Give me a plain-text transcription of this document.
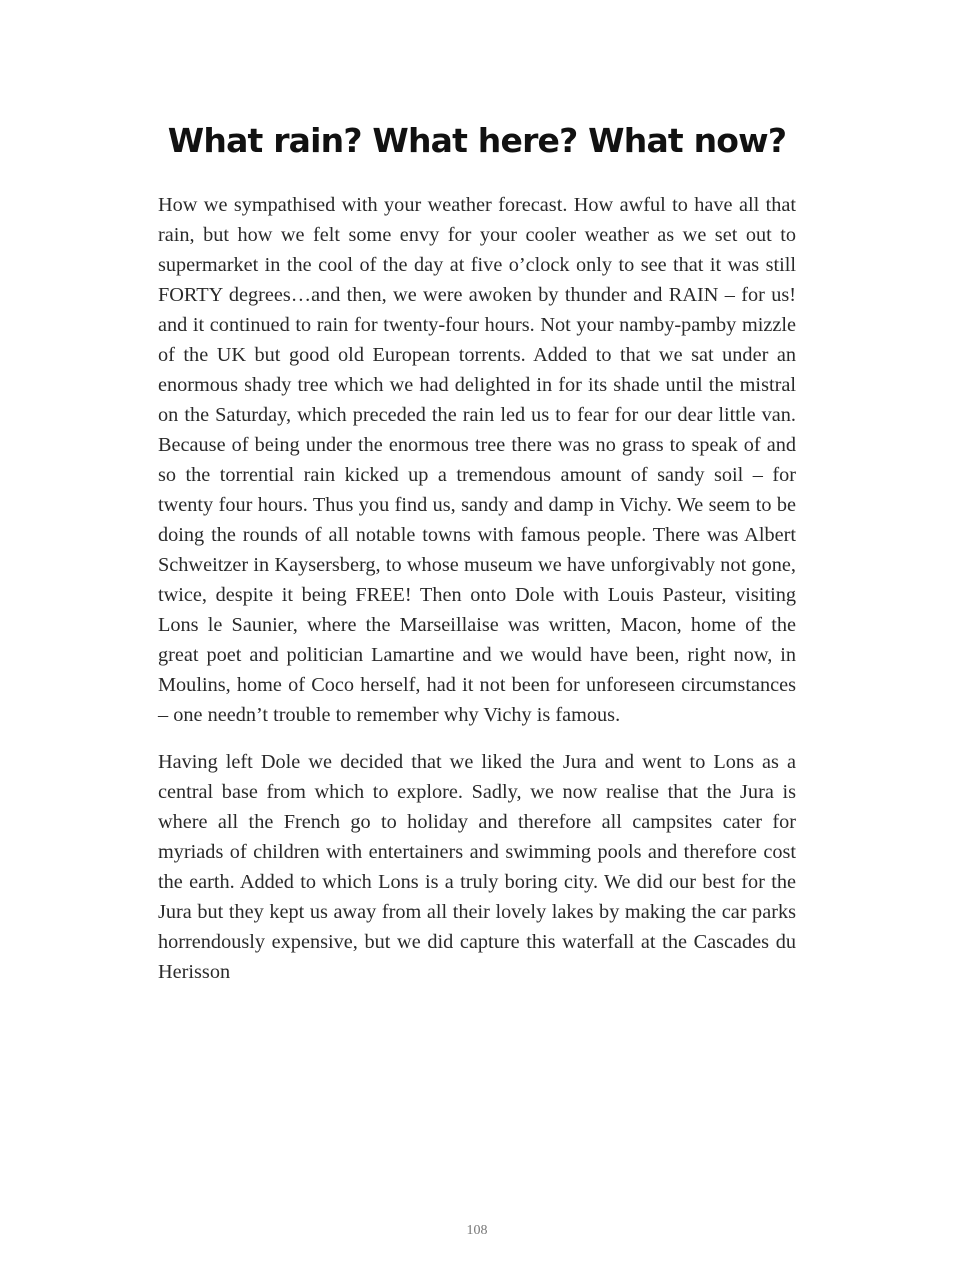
What rain? What here? What now?

How we sympathised with your weather forecast. How awful to have all that rain, but how we felt some envy for your cooler weather as we set out to supermarket in the cool of the day at five o’clock only to see that it was still FORTY degrees…and then, we were awoken by thunder and RAIN – for us! and it continued to rain for twenty-four hours. Not your namby-pamby mizzle of the UK but good old European torrents. Added to that we sat under an enormous shady tree which we had delighted in for its shade until the mistral on the Saturday, which preceded the rain led us to fear for our dear little van. Because of being under the enormous tree there was no grass to speak of and so the torrential rain kicked up a tremendous amount of sandy soil – for twenty four hours. Thus you find us, sandy and damp in Vichy. We seem to be doing the rounds of all notable towns with famous people. There was Albert Schweitzer in Kaysersberg, to whose museum we have unforgivably not gone, twice, despite it being FREE! Then onto Dole with Louis Pasteur, visiting Lons le Saunier, where the Marseillaise was written, Macon, home of the great poet and politician Lamartine and we would have been, right now, in Moulins, home of Coco herself, had it not been for unforeseen circumstances – one needn’t trouble to remember why Vichy is famous.

Having left Dole we decided that we liked the Jura and went to Lons as a central base from which to explore. Sadly, we now realise that the Jura is where all the French go to holiday and therefore all campsites cater for myriads of children with entertainers and swimming pools and therefore cost the earth. Added to which Lons is a truly boring city. We did our best for the Jura but they kept us away from all their lovely lakes by making the car parks horrendously expensive, but we did capture this waterfall at the Cascades du Herisson

108
